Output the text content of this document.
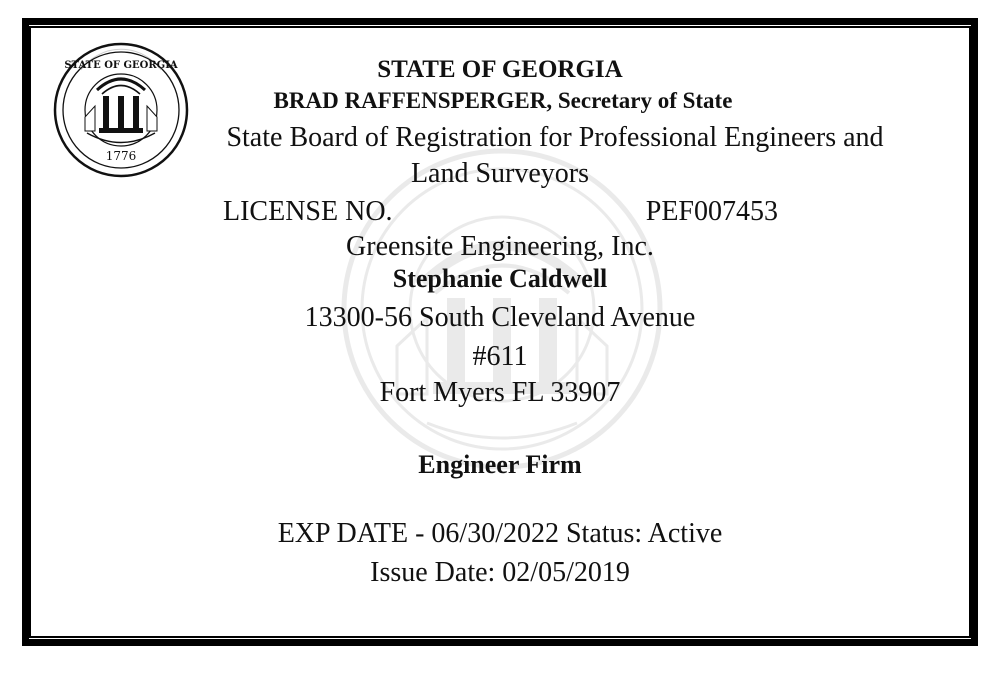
STATE OF GEORGIA
1776
STATE OF GEORGIA
BRAD RAFFENSPERGER, Secretary of State
State Board of Registration for Professional Engineers and
Land Surveyors
LICENSE NO.	PEF007453
Greensite Engineering, Inc.
Stephanie Caldwell
13300-56 South Cleveland Avenue
#611
Fort Myers FL 33907
Engineer Firm
EXP DATE - 06/30/2022 Status: Active
Issue Date: 02/05/2019
